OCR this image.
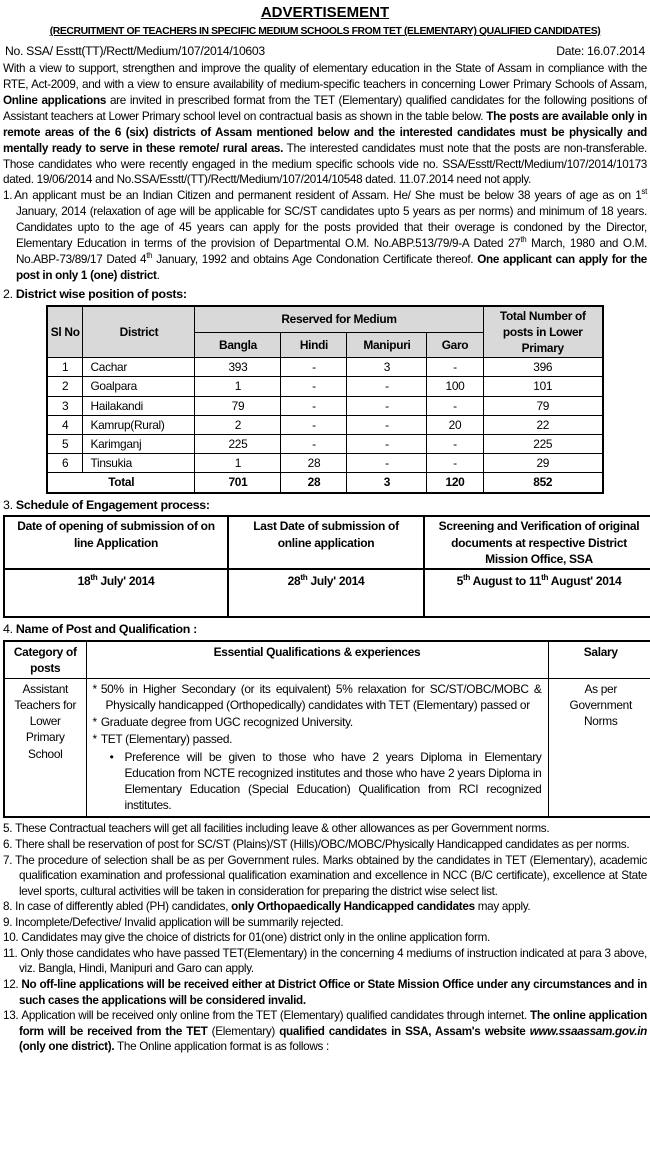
ADVERTISEMENT
(RECRUITMENT OF TEACHERS IN SPECIFIC MEDIUM SCHOOLS FROM TET (ELEMENTARY) QUALIFIED CANDIDATES)
No. SSA/ Esstt(TT)/Rectt/Medium/107/2014/10603	Date: 16.07.2014

With a view to support, strengthen and improve the quality of elementary education in the State of Assam in compliance with the RTE, Act-2009, and with a view to ensure availability of medium-specific teachers in concerning Lower Primary Schools of Assam, Online applications are invited in prescribed format from the TET (Elementary) qualified candidates for the following positions of Assistant teachers at Lower Primary school level on contractual basis as shown in the table below. The posts are available only in remote areas of the 6 (six) districts of Assam mentioned below and the interested candidates must be physically and mentally ready to serve in these remote/ rural areas. The interested candidates must note that the posts are non-transferable. Those candidates who were recently engaged in the medium specific schools vide no. SSA/Esstt/Rectt/Medium/107/2014/10173 dated. 19/06/2014 and No.SSA/Esstt/(TT)/Rectt/Medium/107/2014/10548 dated. 11.07.2014 need not apply.

1. An applicant must be an Indian Citizen and permanent resident of Assam. He/ She must be below 38 years of age as on 1st January, 2014 (relaxation of age will be applicable for SC/ST candidates upto 5 years as per norms) and minimum of 18 years. Candidates upto to the age of 45 years can apply for the posts provided that their overage is condoned by the Director, Elementary Education in terms of the provision of Departmental O.M. No.ABP.513/79/9-A Dated 27th March, 1980 and O.M. No.ABP-73/89/17 Dated 4th January, 1992 and obtains Age Condonation Certificate thereof. One applicant can apply for the post in only 1 (one) district.
2. District wise position of posts:
Sl No	District	Reserved for Medium				Total Number of posts in Lower Primary
		Bangla	Hindi	Manipuri	Garo	
1	Cachar	393	-	3	-	396
2	Goalpara	1	-	-	100	101
3	Hailakandi	79	-	-	-	79
4	Kamrup(Rural)	2	-	-	20	22
5	Karimganj	225	-	-	-	225
6	Tinsukia	1	28	-	-	29
Total		701	28	3	120	852
3. Schedule of Engagement process:
Date of opening of submission of on line Application	Last Date of submission of online application	Screening and Verification of original documents at respective District Mission Office, SSA
18th July' 2014	28th July' 2014	5th August to 11th August' 2014
4. Name of Post and Qualification :
Category of posts	Essential Qualifications & experiences	Salary
Assistant Teachers for Lower Primary School	* 50% in Higher Secondary (or its equivalent) 5% relaxation for SC/ST/OBC/MOBC & Physically handicapped (Orthopedically) candidates with TET (Elementary) passed or
* Graduate degree from UGC recognized University.
* TET (Elementary) passed.
• Preference will be given to those who have 2 years Diploma in Elementary Education from NCTE recognized institutes and those who have 2 years Diploma in Elementary Education (Special Education) Qualification from RCI recognized institutes.	As per Government Norms
5. These Contractual teachers will get all facilities including leave & other allowances as per Government norms.
6. There shall be reservation of post for SC/ST (Plains)/ST (Hills)/OBC/MOBC/Physically Handicapped candidates as per norms.
7. The procedure of selection shall be as per Government rules. Marks obtained by the candidates in TET (Elementary), academic qualification examination and professional qualification examination and excellence in NCC (B/C certificate), excellence at State level sports, cultural activities will be taken in consideration for preparing the district wise select list.
8. In case of differently abled (PH) candidates, only Orthopaedically Handicapped candidates may apply.
9. Incomplete/Defective/ Invalid application will be summarily rejected.
10. Candidates may give the choice of districts for 01(one) district only in the online application form.
11. Only those candidates who have passed TET(Elementary) in the concerning 4 mediums of instruction indicated at para 3 above, viz. Bangla, Hindi, Manipuri and Garo can apply.
12. No off-line applications will be received either at District Office or State Mission Office under any circumstances and in such cases the applications will be considered invalid.
13. Application will be received only online from the TET (Elementary) qualified candidates through internet. The online application form will be received from the TET (Elementary) qualified candidates in SSA, Assam's website www.ssaassam.gov.in (only one district). The Online application format is as follows :
